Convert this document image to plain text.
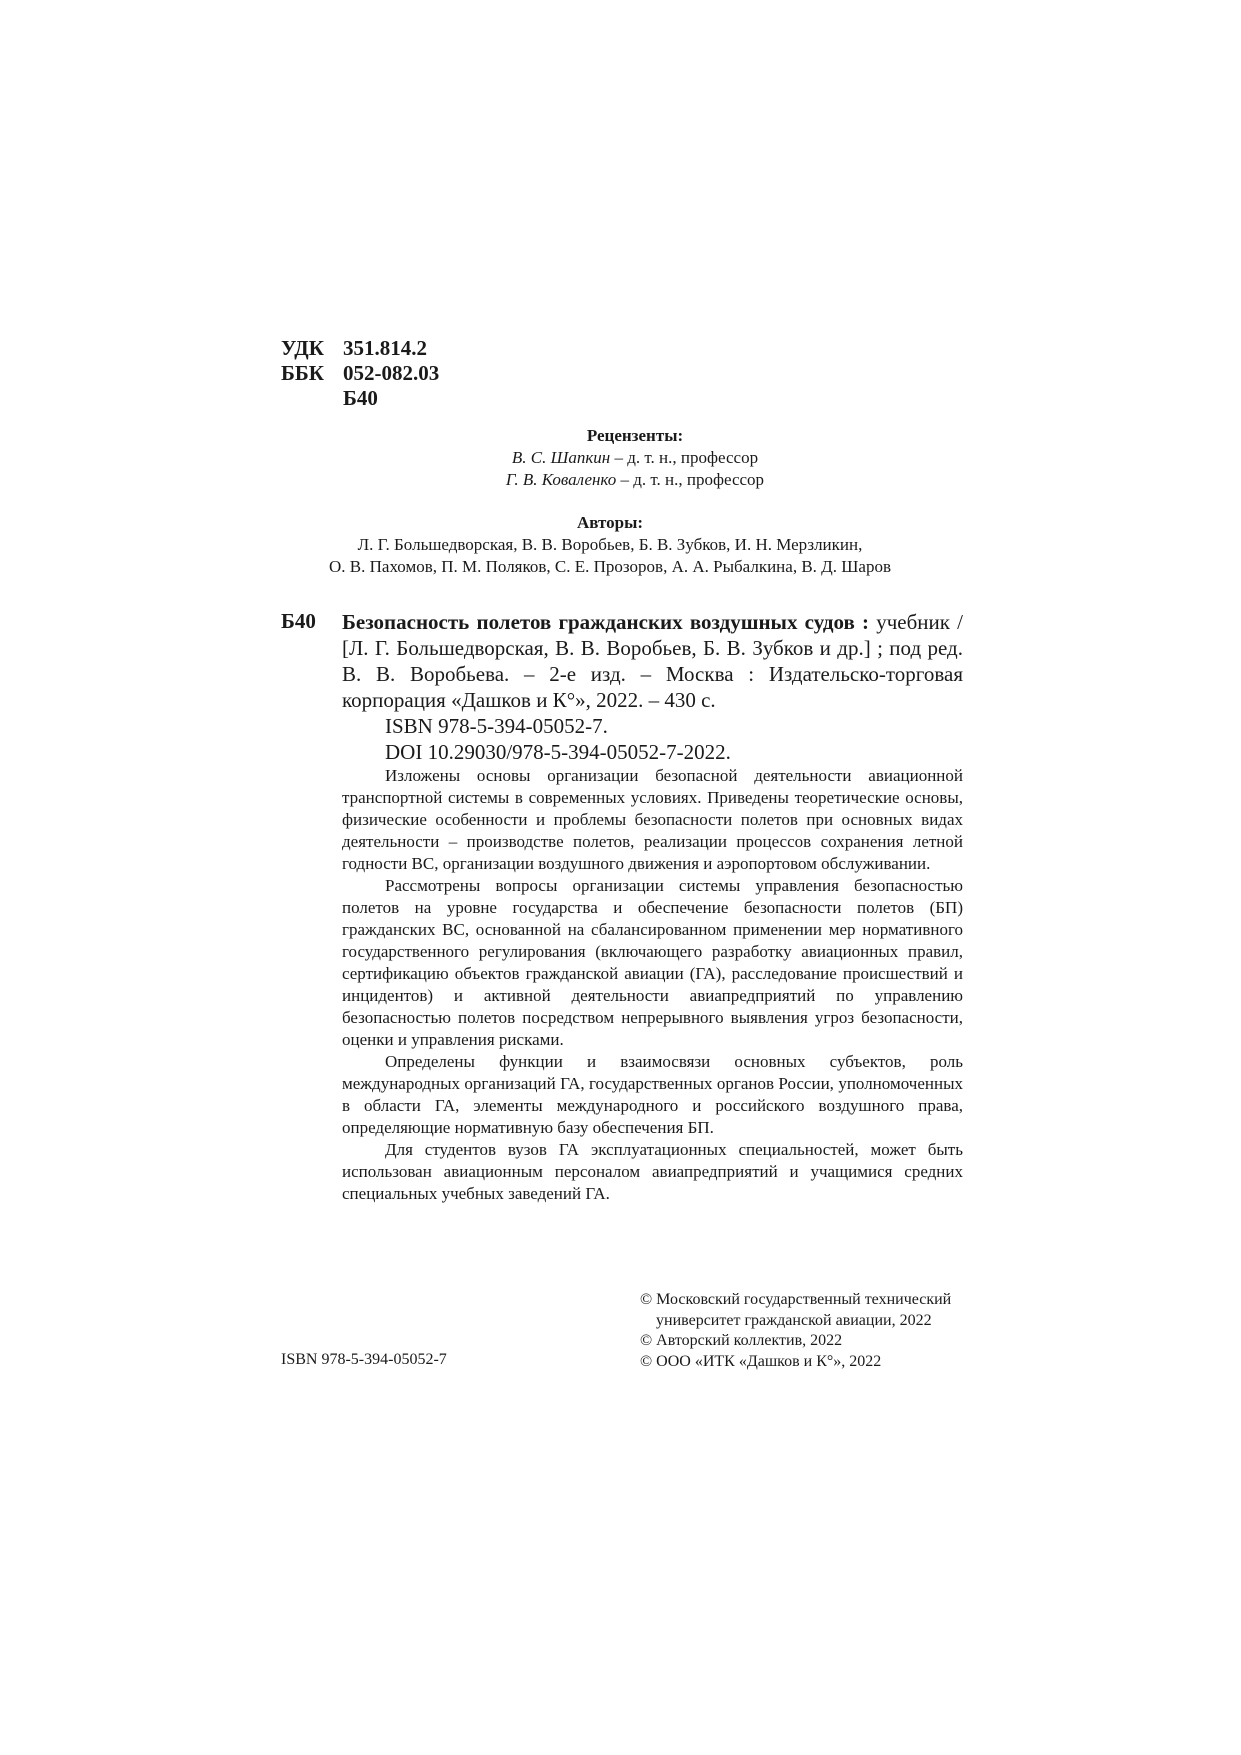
УДК 351.814.2
ББК 052-082.03
Б40
Рецензенты:
В. С. Шапкин – д. т. н., профессор
Г. В. Коваленко – д. т. н., профессор
Авторы:
Л. Г. Большедворская, В. В. Воробьев, Б. В. Зубков, И. Н. Мерзликин,
О. В. Пахомов, П. М. Поляков, С. Е. Прозоров, А. А. Рыбалкина, В. Д. Шаров
Б40 Безопасность полетов гражданских воздушных судов : учебник / [Л. Г. Большедворская, В. В. Воробьев, Б. В. Зубков и др.] ; под ред. В. В. Воробьева. – 2-е изд. – Москва : Издательско-торговая корпорация «Дашков и К°», 2022. – 430 с.
ISBN 978-5-394-05052-7.
DOI 10.29030/978-5-394-05052-7-2022.

Изложены основы организации безопасной деятельности авиационной транспортной системы в современных условиях. Приведены теоретические основы, физические особенности и проблемы безопасности полетов при основных видах деятельности – производстве полетов, реализации процессов сохранения летной годности ВС, организации воздушного движения и аэропортовом обслуживании.

Рассмотрены вопросы организации системы управления безопасностью полетов на уровне государства и обеспечение безопасности полетов (БП) гражданских ВС, основанной на сбалансированном применении мер нормативного государственного регулирования (включающего разработку авиационных правил, сертификацию объектов гражданской авиации (ГА), расследование происшествий и инцидентов) и активной деятельности авиапредприятий по управлению безопасностью полетов посредством непрерывного выявления угроз безопасности, оценки и управления рисками.

Определены функции и взаимосвязи основных субъектов, роль международных организаций ГА, государственных органов России, уполномоченных в области ГА, элементы международного и российского воздушного права, определяющие нормативную базу обеспечения БП.

Для студентов вузов ГА эксплуатационных специальностей, может быть использован авиационным персоналом авиапредприятий и учащимися средних специальных учебных заведений ГА.

© Московский государственный технический
университет гражданской авиации, 2022
© Авторский коллектив, 2022
© ООО «ИТК «Дашков и К°», 2022
ISBN 978-5-394-05052-7
